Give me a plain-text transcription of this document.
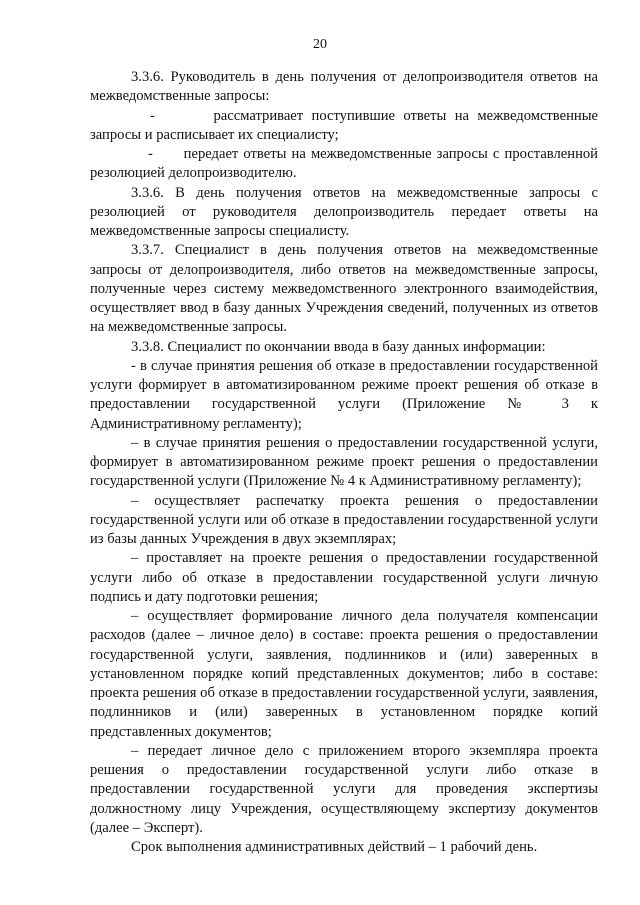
20

3.3.6. Руководитель в день получения от делопроизводителя ответов на межведомственные запросы:

-       рассматривает поступившие ответы на межведомственные запросы и расписывает их специалисту;

-      передает ответы на межведомственные запросы с проставленной резолюцией делопроизводителю.

3.3.6. В день получения ответов на межведомственные запросы с резолюцией от руководителя делопроизводитель передает ответы на межведомственные запросы специалисту.

3.3.7. Специалист в день получения ответов на межведомственные запросы от делопроизводителя, либо ответов на межведомственные запросы, полученные через систему межведомственного электронного взаимодействия, осуществляет ввод в базу данных Учреждения сведений, полученных из ответов на межведомственные запросы.

3.3.8. Специалист по окончании ввода в базу данных информации:

- в случае принятия решения об отказе в предоставлении государственной услуги формирует в автоматизированном режиме проект решения об отказе в предоставлении государственной услуги (Приложение № 3 к Административному регламенту);

– в случае принятия решения о предоставлении государственной услуги, формирует в автоматизированном режиме проект решения о предоставлении государственной услуги (Приложение № 4 к Административному регламенту);

– осуществляет распечатку проекта решения о предоставлении государственной услуги или об отказе в предоставлении государственной услуги из базы данных Учреждения в двух экземплярах;

– проставляет на проекте решения о предоставлении государственной услуги либо об отказе в предоставлении государственной услуги личную подпись и дату подготовки решения;

– осуществляет формирование личного дела получателя компенсации расходов (далее – личное дело) в составе: проекта решения о предоставлении государственной услуги, заявления, подлинников и (или) заверенных в установленном порядке копий представленных документов; либо в составе: проекта решения об отказе в предоставлении государственной услуги, заявления, подлинников и (или) заверенных в установленном порядке копий представленных документов;

– передает личное дело с приложением второго экземпляра проекта решения о предоставлении государственной услуги либо отказе в предоставлении государственной услуги для проведения экспертизы должностному лицу Учреждения, осуществляющему экспертизу документов (далее – Эксперт).

Срок выполнения административных действий – 1 рабочий день.
